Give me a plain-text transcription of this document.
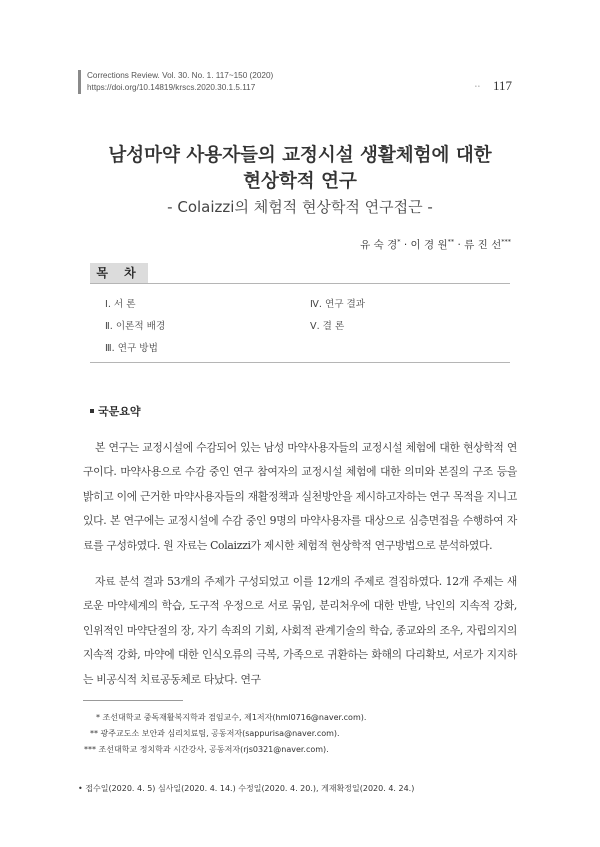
Corrections Review. Vol. 30. No. 1. 117~150 (2020)
https://doi.org/10.14819/krscs.2020.30.1.5.117	• • 117
남성마약 사용자들의 교정시설 생활체험에 대한
현상학적 연구
- Colaizzi의 체험적 현상학적 연구접근 -
유 숙 경* · 이 경 원** · 류 진 선***
목 차
Ⅰ. 서 론
Ⅱ. 이론적 배경
Ⅲ. 연구 방법
Ⅳ. 연구 결과
Ⅴ. 결 론
국문요약

본 연구는 교정시설에 수감되어 있는 남성 마약사용자들의 교정시설 체험에 대한 현상학적 연구이다. 마약사용으로 수감 중인 연구 참여자의 교정시설 체험에 대한 의미와 본질의 구조 등을 밝히고 이에 근거한 마약사용자들의 재활정책과 실천방안을 제시하고자하는 연구 목적을 지니고 있다. 본 연구에는 교정시설에 수감 중인 9명의 마약사용자를 대상으로 심층면접을 수행하여 자료를 구성하였다. 원 자료는 Colaizzi가 제시한 체험적 현상학적 연구방법으로 분석하였다.

자료 분석 결과 53개의 주제가 구성되었고 이를 12개의 주제로 결집하였다. 12개 주제는 새로운 마약세계의 학습, 도구적 우정으로 서로 묶임, 분리처우에 대한 반발, 낙인의 지속적 강화, 인위적인 마약단절의 장, 자기 속죄의 기회, 사회적 관계기술의 학습, 종교와의 조우, 자립의지의 지속적 강화, 마약에 대한 인식오류의 극복, 가족으로 귀환하는 화해의 다리확보, 서로가 지지하는 비공식적 치료공동체로 타났다. 연구

* 조선대학교 중독재활복지학과 겸임교수, 제1저자(hml0716@naver.com).
** 광주교도소 보안과 심리치료팀, 공동저자(sappurisa@naver.com).
*** 조선대학교 정치학과 시간강사, 공동저자(rjs0321@naver.com).
• 접수일(2020. 4. 5) 심사일(2020. 4. 14.) 수정일(2020. 4. 20.), 게재확정일(2020. 4. 24.)
